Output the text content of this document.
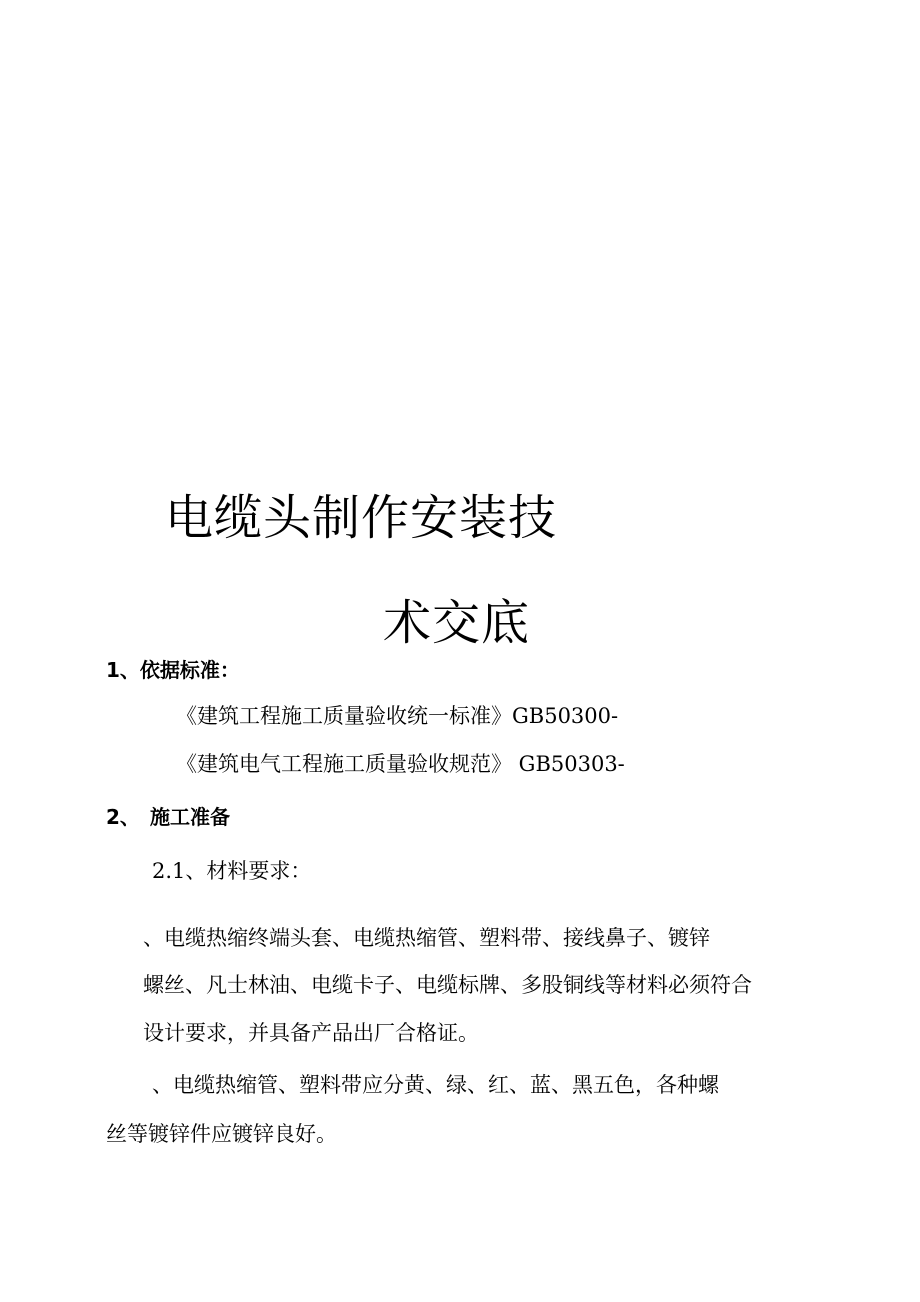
电缆头制作安装技
术交底
1、依据标准：
《建筑工程施工质量验收统一标准》GB50300-
《建筑电气工程施工质量验收规范》 GB50303-
2、 施工准备
2.1、材料要求：
、电缆热缩终端头套、电缆热缩管、塑料带、接线鼻子、镀锌
螺丝、凡士林油、电缆卡子、电缆标牌、多股铜线等材料必须符合
设计要求，并具备产品出厂合格证。
、电缆热缩管、塑料带应分黄、绿、红、蓝、黑五色，各种螺
丝等镀锌件应镀锌良好。
